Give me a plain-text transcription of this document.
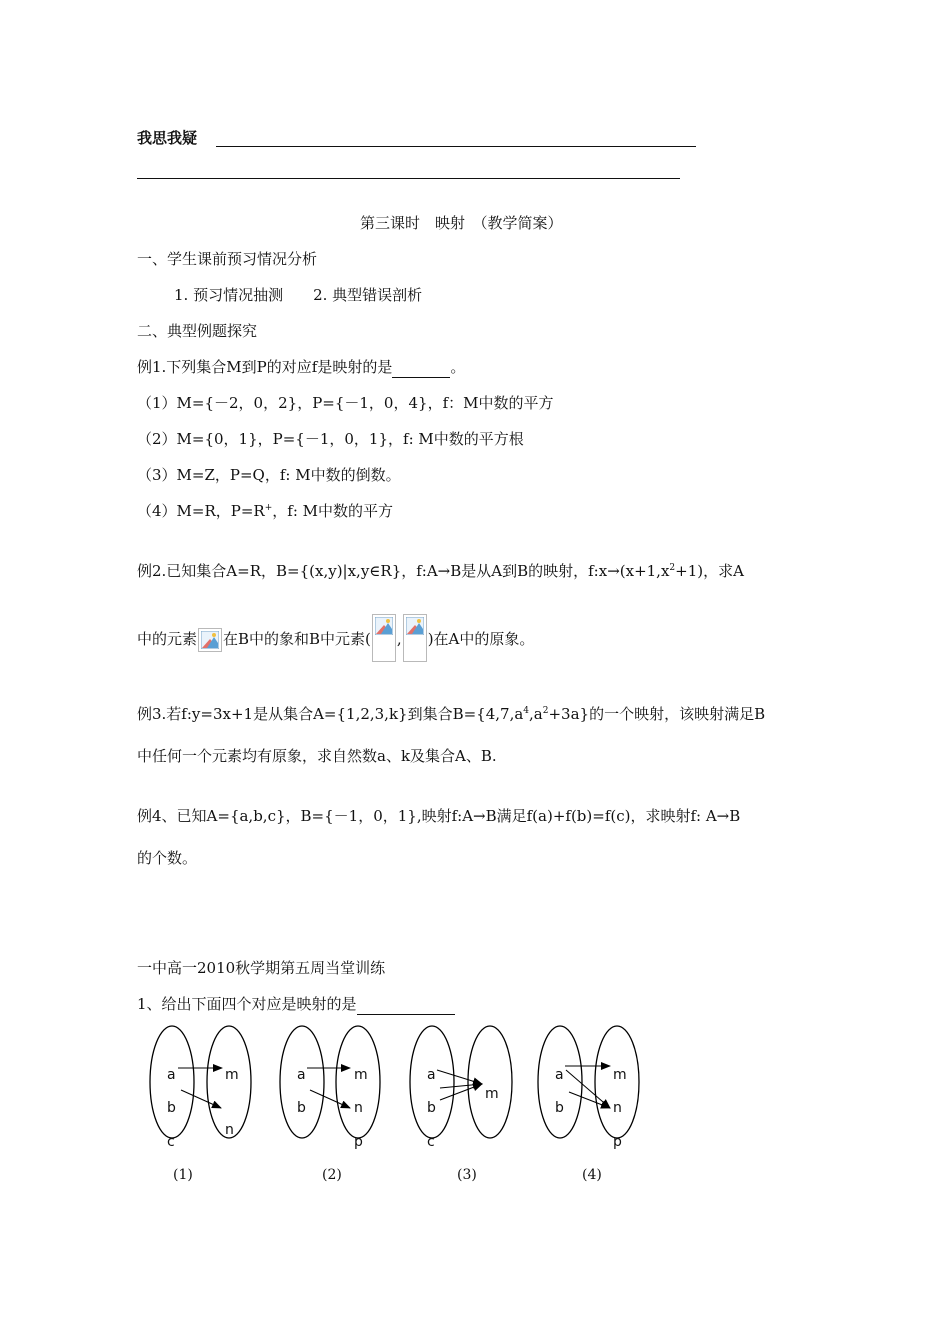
我思我疑
第三课时　映射　（教学简案）
一、学生课前预习情况分析
1. 预习情况抽测　　2. 典型错误剖析
二、典型例题探究
例1.下列集合M到P的对应f是映射的是	。
（1）M={－2，0，2}，P={－1，0，4}，f：M中数的平方
（2）M={0，1}，P={－1，0，1}，f: M中数的平方根
（3）M=Z，P=Q，f: M中数的倒数。
（4）M=R，P=R+，f: M中数的平方
例2.已知集合A=R，B={(x,y)|x,y∈R}，f:A→B是从A到B的映射，$f:x\to(x+1,x^2+1)$，求A
中的元素 在B中的象和B中元素( , )在A中的原象。
例3.若f:y=3x+1是从集合A={1,2,3,k}到集合$B=\{4,7,a^4,a^2+3a\}$的一个映射，该映射满足B
中任何一个元素均有原象，求自然数a、k及集合A、B.
例4、已知A={a,b,c}，B={－1，0，1},映射f:A→B满足f(a)+f(b)=f(c)，求映射f: A→B
的个数。
一中高一2010秋学期第五周当堂训练
1、给出下面四个对应是映射的是
a
b
c
m
n
(1)
a
b
m
n
p
(2)
a
b
c
m
(3)
a
b
m
n
p
(4)
